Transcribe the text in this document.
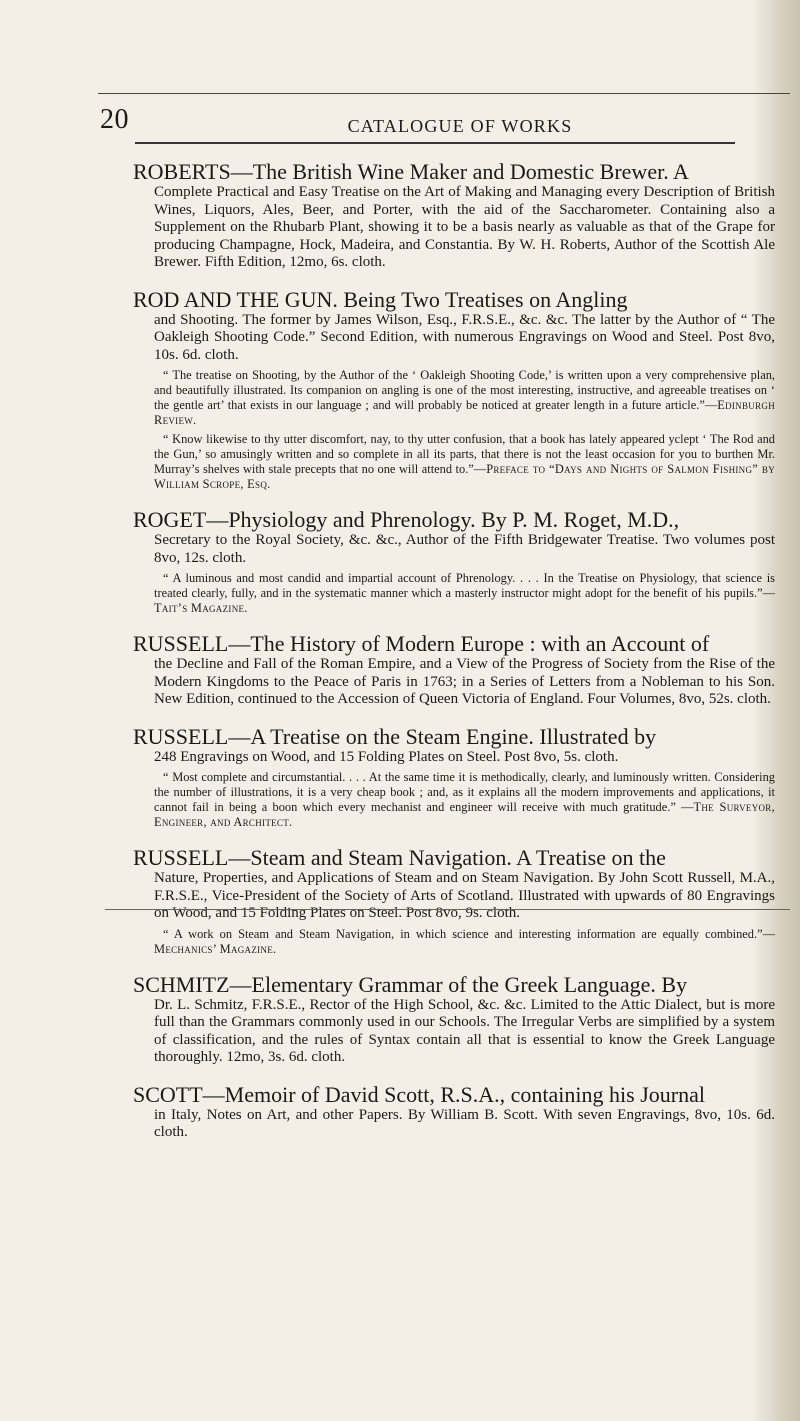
20	CATALOGUE OF WORKS

ROBERTS—The British Wine Maker and Domestic Brewer. A

Complete Practical and Easy Treatise on the Art of Making and Managing every Description of British Wines, Liquors, Ales, Beer, and Porter, with the aid of the Saccharometer. Containing also a Supplement on the Rhubarb Plant, showing it to be a basis nearly as valuable as that of the Grape for producing Champagne, Hock, Madeira, and Constantia. By W. H. Roberts, Author of the Scottish Ale Brewer. Fifth Edition, 12mo, 6s. cloth.

ROD AND THE GUN. Being Two Treatises on Angling

and Shooting. The former by James Wilson, Esq., F.R.S.E., &c. &c. The latter by the Author of “ The Oakleigh Shooting Code.” Second Edition, with numerous Engravings on Wood and Steel. Post 8vo, 10s. 6d. cloth.

“ The treatise on Shooting, by the Author of the ‘ Oakleigh Shooting Code,’ is written upon a very comprehensive plan, and beautifully illustrated. Its companion on angling is one of the most interesting, instructive, and agreeable treatises on ‘ the gentle art’ that exists in our language ; and will probably be noticed at greater length in a future article.”—Edinburgh Review.

“ Know likewise to thy utter discomfort, nay, to thy utter confusion, that a book has lately appeared yclept ‘ The Rod and the Gun,’ so amusingly written and so complete in all its parts, that there is not the least occasion for you to burthen Mr. Murray’s shelves with stale precepts that no one will attend to.”—Preface to “Days and Nights of Salmon Fishing” by William Scrope, Esq.

ROGET—Physiology and Phrenology. By P. M. Roget, M.D.,

Secretary to the Royal Society, &c. &c., Author of the Fifth Bridgewater Treatise. Two volumes post 8vo, 12s. cloth.

“ A luminous and most candid and impartial account of Phrenology. . . . In the Treatise on Physiology, that science is treated clearly, fully, and in the systematic manner which a masterly instructor might adopt for the benefit of his pupils.”—Tait’s Magazine.

RUSSELL—The History of Modern Europe : with an Account of

the Decline and Fall of the Roman Empire, and a View of the Progress of Society from the Rise of the Modern Kingdoms to the Peace of Paris in 1763; in a Series of Letters from a Nobleman to his Son. New Edition, continued to the Accession of Queen Victoria of England. Four Volumes, 8vo, 52s. cloth.

RUSSELL—A Treatise on the Steam Engine. Illustrated by

248 Engravings on Wood, and 15 Folding Plates on Steel. Post 8vo, 5s. cloth.

“ Most complete and circumstantial. . . . At the same time it is methodically, clearly, and luminously written. Considering the number of illustrations, it is a very cheap book ; and, as it explains all the modern improvements and applications, it cannot fail in being a boon which every mechanist and engineer will receive with much gratitude.” —The Surveyor, Engineer, and Architect.

RUSSELL—Steam and Steam Navigation. A Treatise on the

Nature, Properties, and Applications of Steam and on Steam Navigation. By John Scott Russell, M.A., F.R.S.E., Vice-President of the Society of Arts of Scotland. Illustrated with upwards of 80 Engravings on Wood, and 15 Folding Plates on Steel. Post 8vo, 9s. cloth.

“ A work on Steam and Steam Navigation, in which science and interesting information are equally combined.”—Mechanics’ Magazine.

SCHMITZ—Elementary Grammar of the Greek Language. By

Dr. L. Schmitz, F.R.S.E., Rector of the High School, &c. &c. Limited to the Attic Dialect, but is more full than the Grammars commonly used in our Schools. The Irregular Verbs are simplified by a system of classification, and the rules of Syntax contain all that is essential to know the Greek Language thoroughly. 12mo, 3s. 6d. cloth.

SCOTT—Memoir of David Scott, R.S.A., containing his Journal

in Italy, Notes on Art, and other Papers. By William B. Scott. With seven Engravings, 8vo, 10s. 6d. cloth.
